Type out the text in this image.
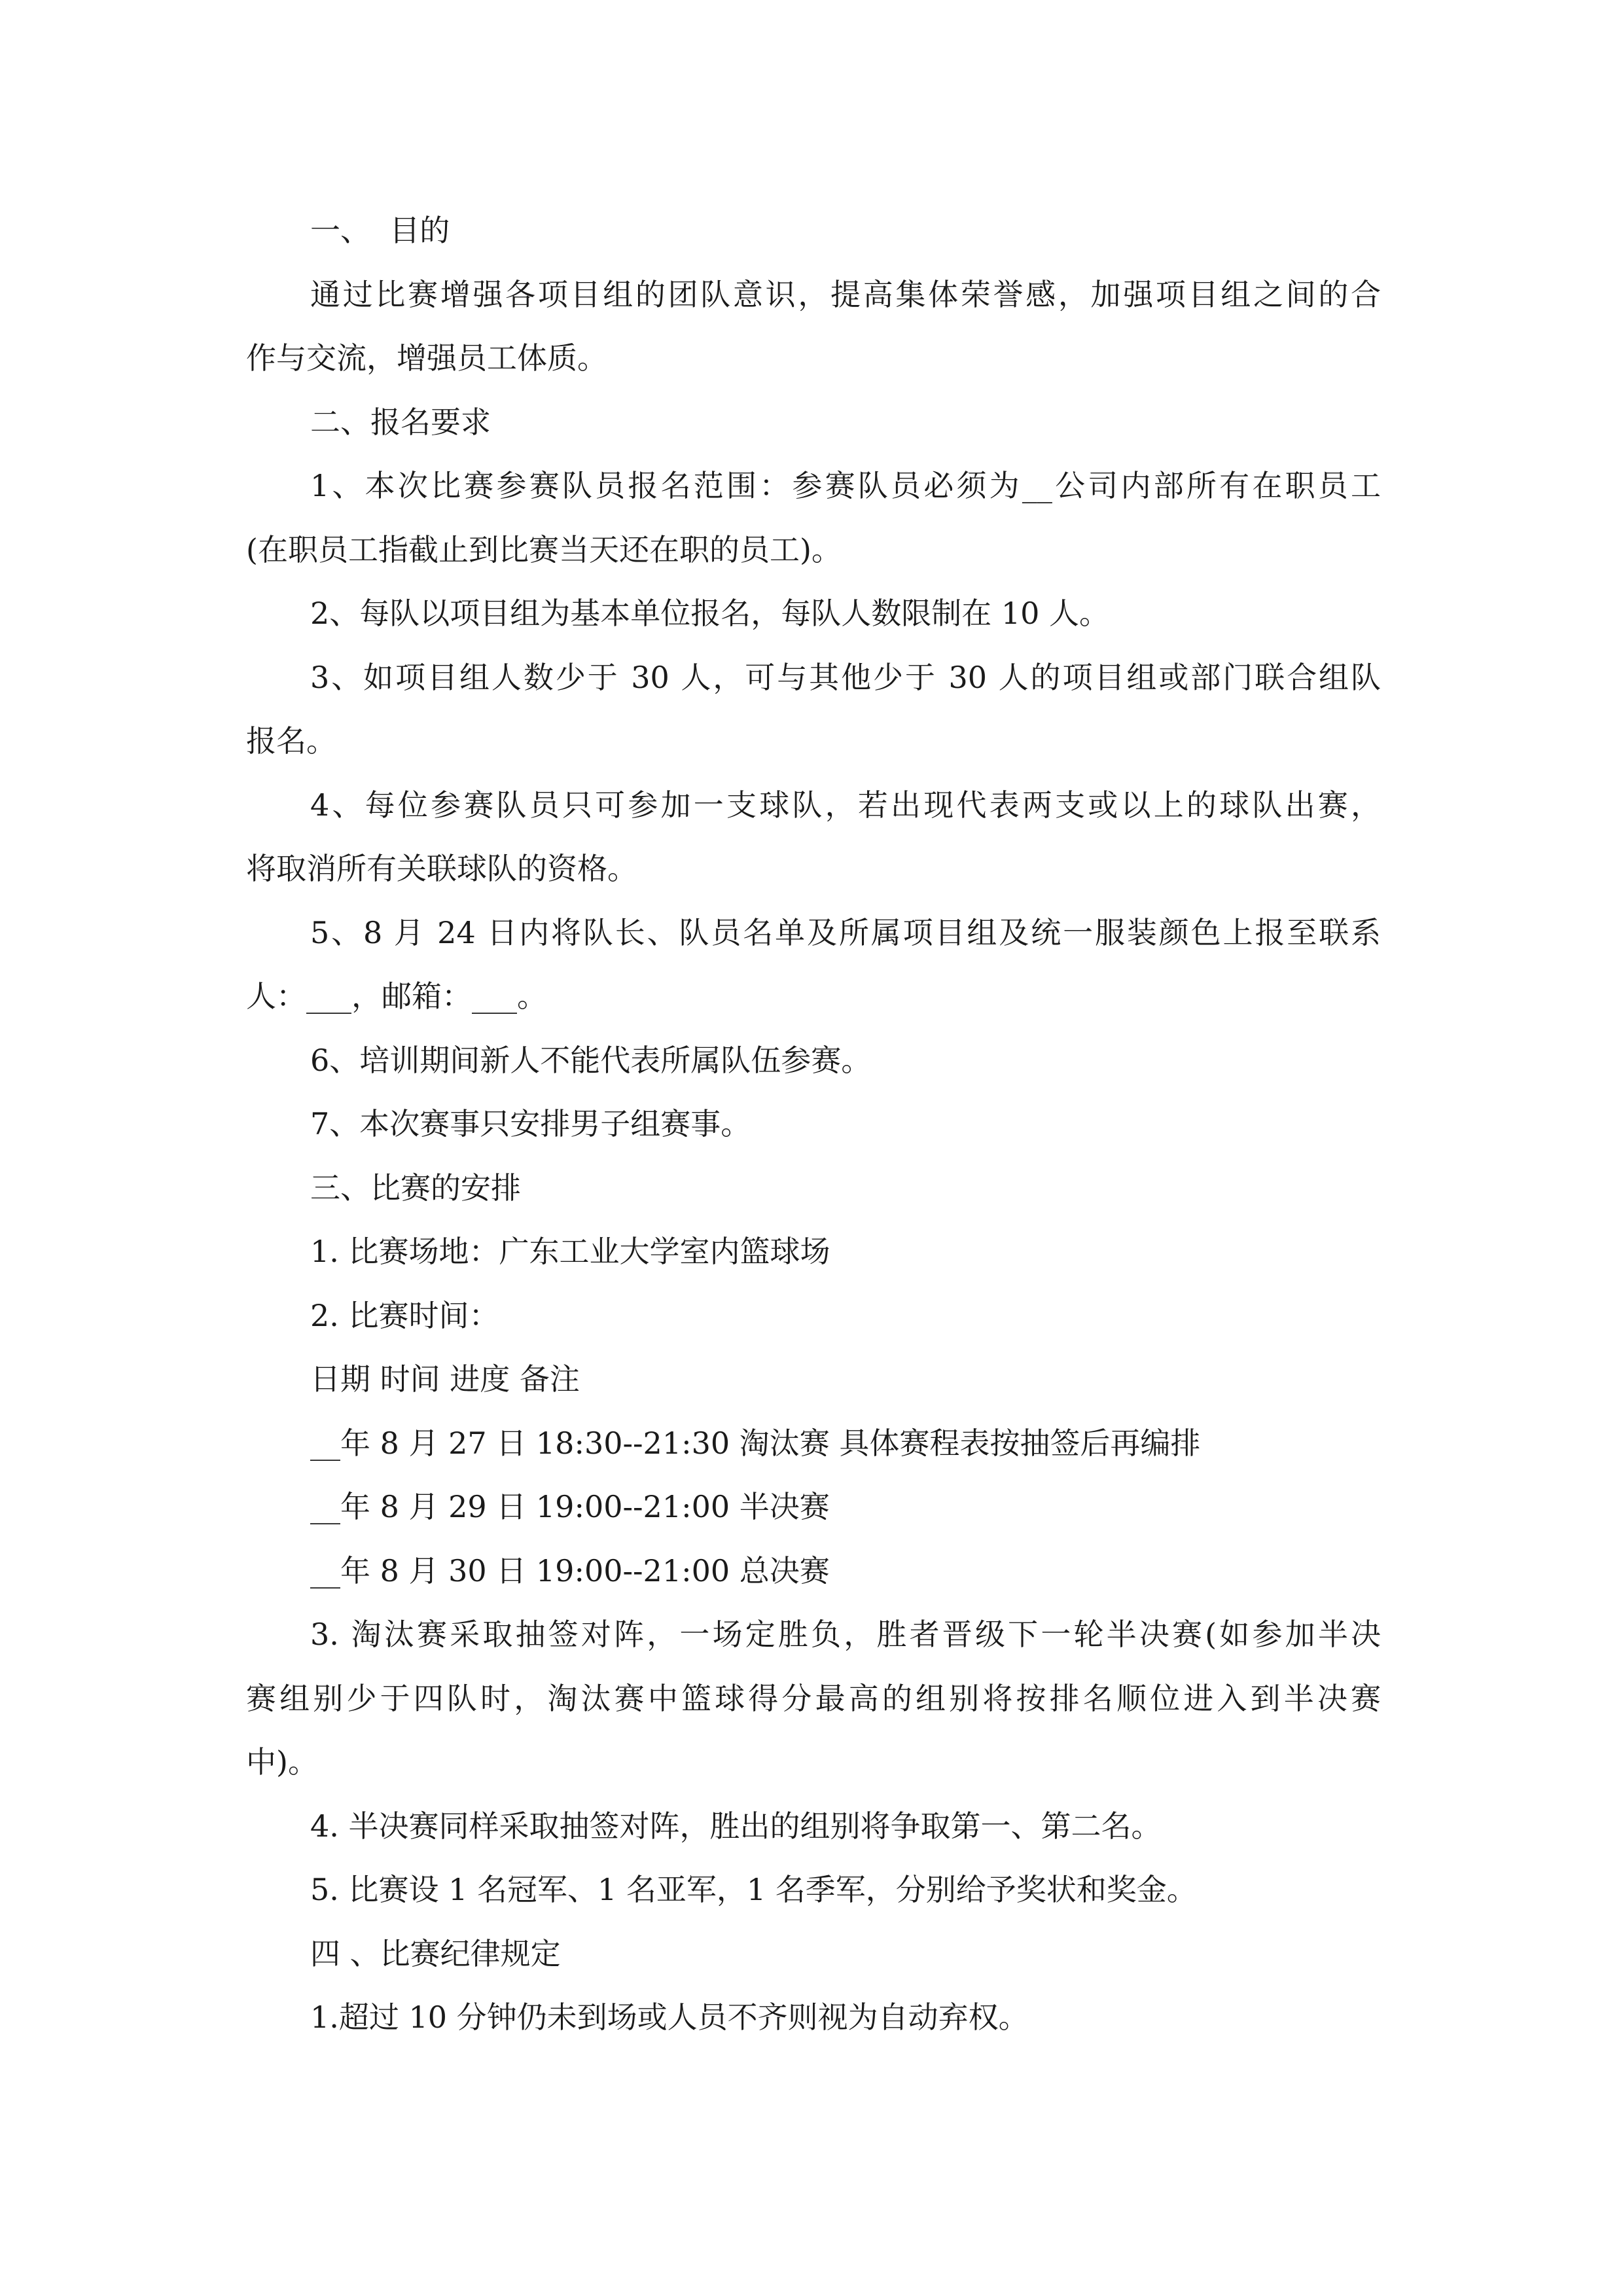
一、  目的
通过比赛增强各项目组的团队意识，提高集体荣誉感，加强项目组之间的合
作与交流，增强员工体质。
二、报名要求
1、本次比赛参赛队员报名范围：参赛队员必须为__公司内部所有在职员工
(在职员工指截止到比赛当天还在职的员工)。
2、每队以项目组为基本单位报名，每队人数限制在 10 人。
3、如项目组人数少于 30 人，可与其他少于 30 人的项目组或部门联合组队
报名。
4、每位参赛队员只可参加一支球队，若出现代表两支或以上的球队出赛，
将取消所有关联球队的资格。
5、8 月 24 日内将队长、队员名单及所属项目组及统一服装颜色上报至联系
人：___，邮箱：___。
6、培训期间新人不能代表所属队伍参赛。
7、本次赛事只安排男子组赛事。
三、比赛的安排
1. 比赛场地：广东工业大学室内篮球场
2. 比赛时间：
日期 时间 进度 备注
__年 8 月 27 日 18:30--21:30 淘汰赛 具体赛程表按抽签后再编排
__年 8 月 29 日 19:00--21:00 半决赛
__年 8 月 30 日 19:00--21:00 总决赛
3. 淘汰赛采取抽签对阵，一场定胜负，胜者晋级下一轮半决赛(如参加半决
赛组别少于四队时，淘汰赛中篮球得分最高的组别将按排名顺位进入到半决赛
中)。
4. 半决赛同样采取抽签对阵，胜出的组别将争取第一、第二名。
5. 比赛设 1 名冠军、1 名亚军，1 名季军，分别给予奖状和奖金。
四 、比赛纪律规定
1.超过 10 分钟仍未到场或人员不齐则视为自动弃权。
